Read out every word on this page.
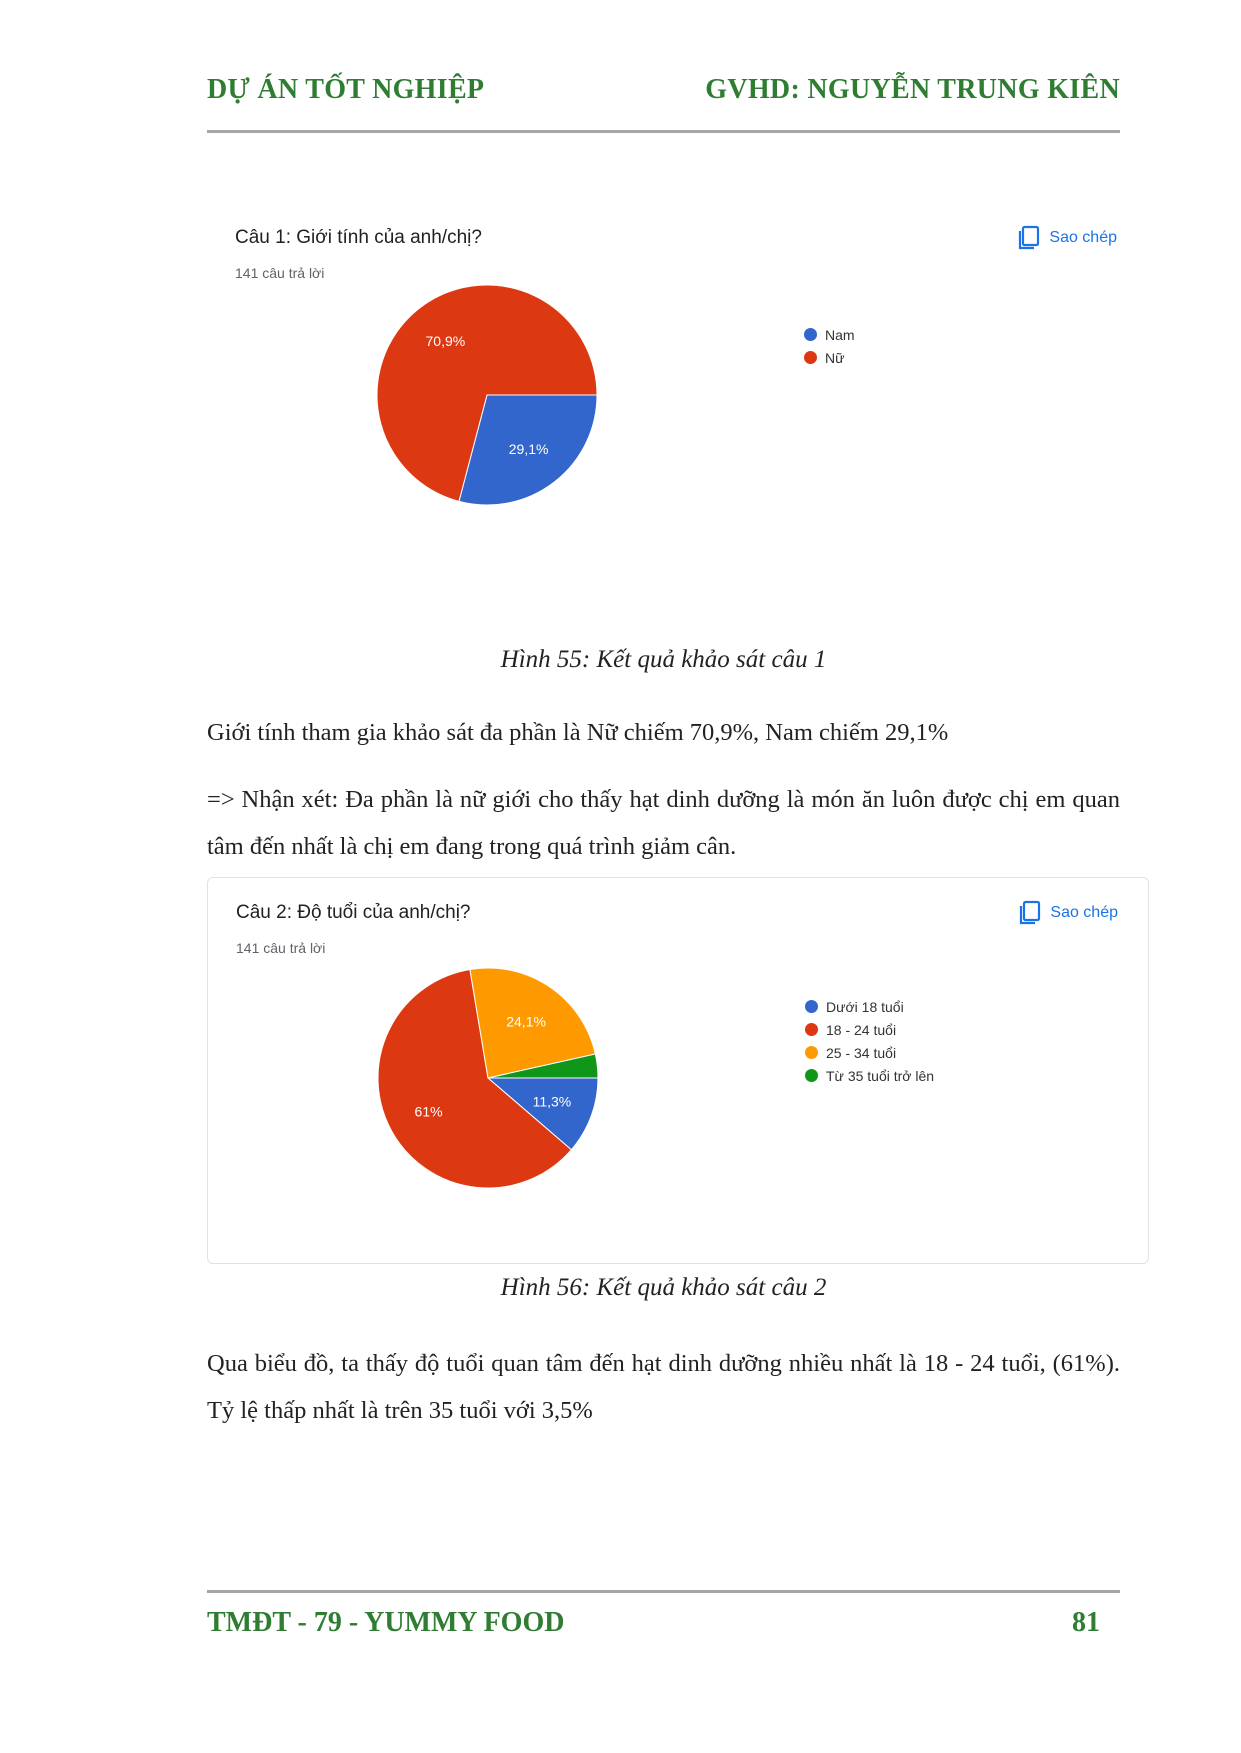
DỰ ÁN TỐT NGHIỆP	GVHD: NGUYỄN TRUNG KIÊN
Câu 1: Giới tính của anh/chị?
141 câu trả lời
Sao chép
29,1%
70,9%	Nam
Nữ
Hình 55: Kết quả khảo sát câu 1
Giới tính tham gia khảo sát đa phần là Nữ chiếm 70,9%, Nam chiếm 29,1%
=> Nhận xét: Đa phần là nữ giới cho thấy hạt dinh dưỡng là món ăn luôn được chị em quan tâm đến nhất là chị em đang trong quá trình giảm cân.
Câu 2: Độ tuổi của anh/chị?
141 câu trả lời
Sao chép
11,3%
61%
24,1%
Dưới 18 tuổi
18 - 24 tuổi
25 - 34 tuổi
Từ 35 tuổi trở lên
Hình 56: Kết quả khảo sát câu 2
Qua biểu đồ, ta thấy độ tuổi quan tâm đến hạt dinh dưỡng nhiều nhất là 18 - 24 tuổi, (61%). Tỷ lệ thấp nhất là trên 35 tuổi với 3,5%
TMĐT - 79 - YUMMY FOOD	81
